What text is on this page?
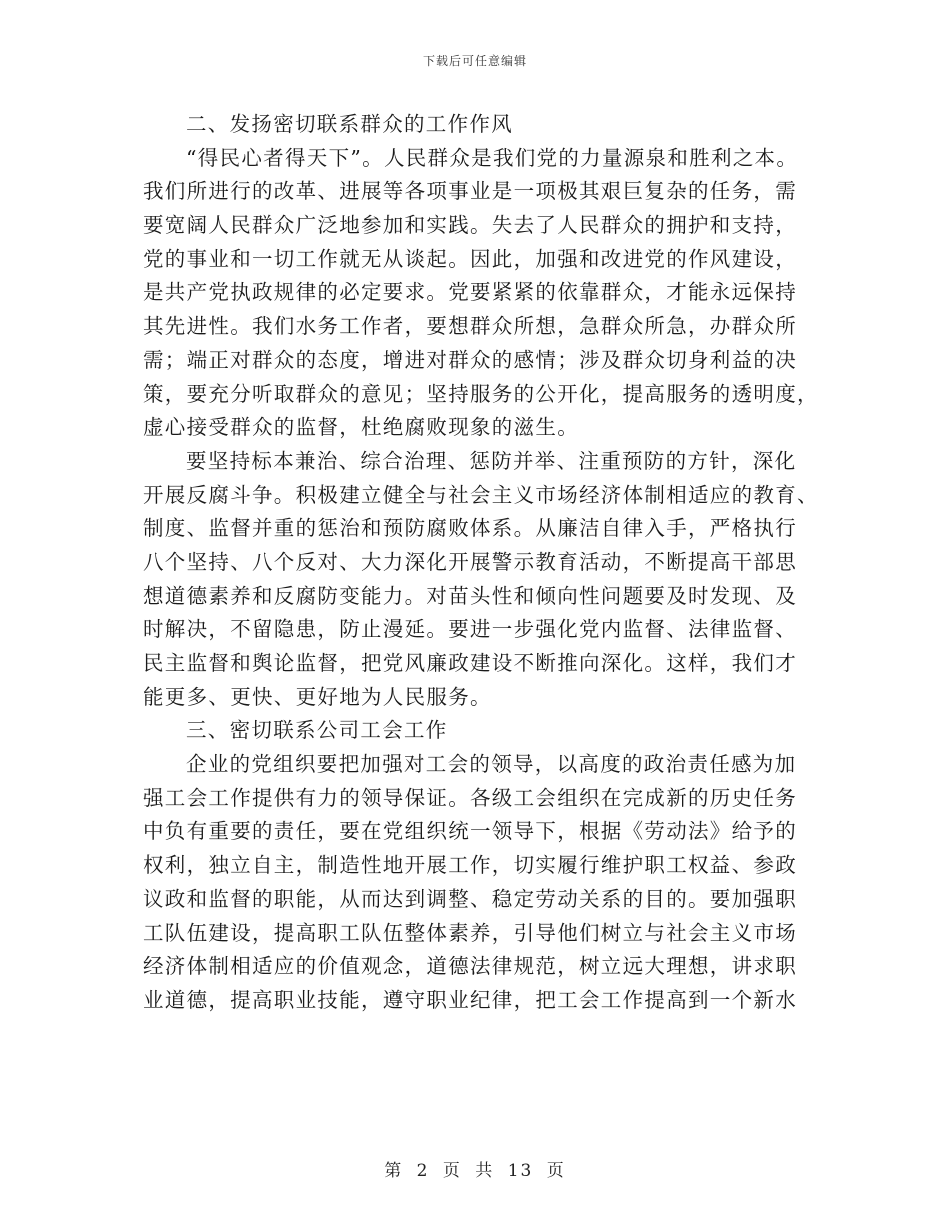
下载后可任意编辑
二、发扬密切联系群众的工作作风
“得民心者得天下”。人民群众是我们党的力量源泉和胜利之本。
我们所进行的改革、进展等各项事业是一项极其艰巨复杂的任务，需
要宽阔人民群众广泛地参加和实践。失去了人民群众的拥护和支持，
党的事业和一切工作就无从谈起。因此，加强和改进党的作风建设，
是共产党执政规律的必定要求。党要紧紧的依靠群众，才能永远保持
其先进性。我们水务工作者，要想群众所想，急群众所急，办群众所
需；端正对群众的态度，增进对群众的感情；涉及群众切身利益的决
策，要充分听取群众的意见；坚持服务的公开化，提高服务的透明度，
虚心接受群众的监督，杜绝腐败现象的滋生。
要坚持标本兼治、综合治理、惩防并举、注重预防的方针，深化
开展反腐斗争。积极建立健全与社会主义市场经济体制相适应的教育、
制度、监督并重的惩治和预防腐败体系。从廉洁自律入手，严格执行
八个坚持、八个反对、大力深化开展警示教育活动，不断提高干部思
想道德素养和反腐防变能力。对苗头性和倾向性问题要及时发现、及
时解决，不留隐患，防止漫延。要进一步强化党内监督、法律监督、
民主监督和舆论监督，把党风廉政建设不断推向深化。这样，我们才
能更多、更快、更好地为人民服务。
三、密切联系公司工会工作
企业的党组织要把加强对工会的领导，以高度的政治责任感为加
强工会工作提供有力的领导保证。各级工会组织在完成新的历史任务
中负有重要的责任，要在党组织统一领导下，根据《劳动法》给予的
权利，独立自主，制造性地开展工作，切实履行维护职工权益、参政
议政和监督的职能，从而达到调整、稳定劳动关系的目的。要加强职
工队伍建设，提高职工队伍整体素养，引导他们树立与社会主义市场
经济体制相适应的价值观念，道德法律规范，树立远大理想，讲求职
业道德，提高职业技能，遵守职业纪律，把工会工作提高到一个新水
第 2 页 共 13 页
